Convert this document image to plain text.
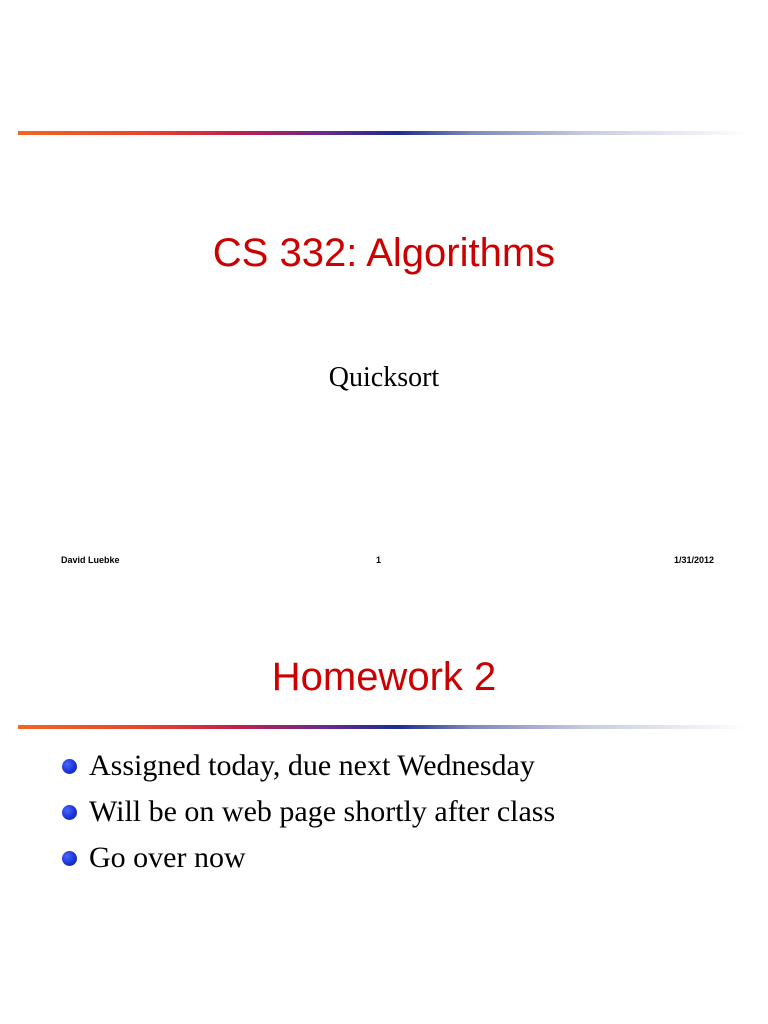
CS 332: Algorithms
Quicksort
David Luebke	1	1/31/2012
Homework 2
Assigned today, due next Wednesday
Will be on web page shortly after class
Go over now
